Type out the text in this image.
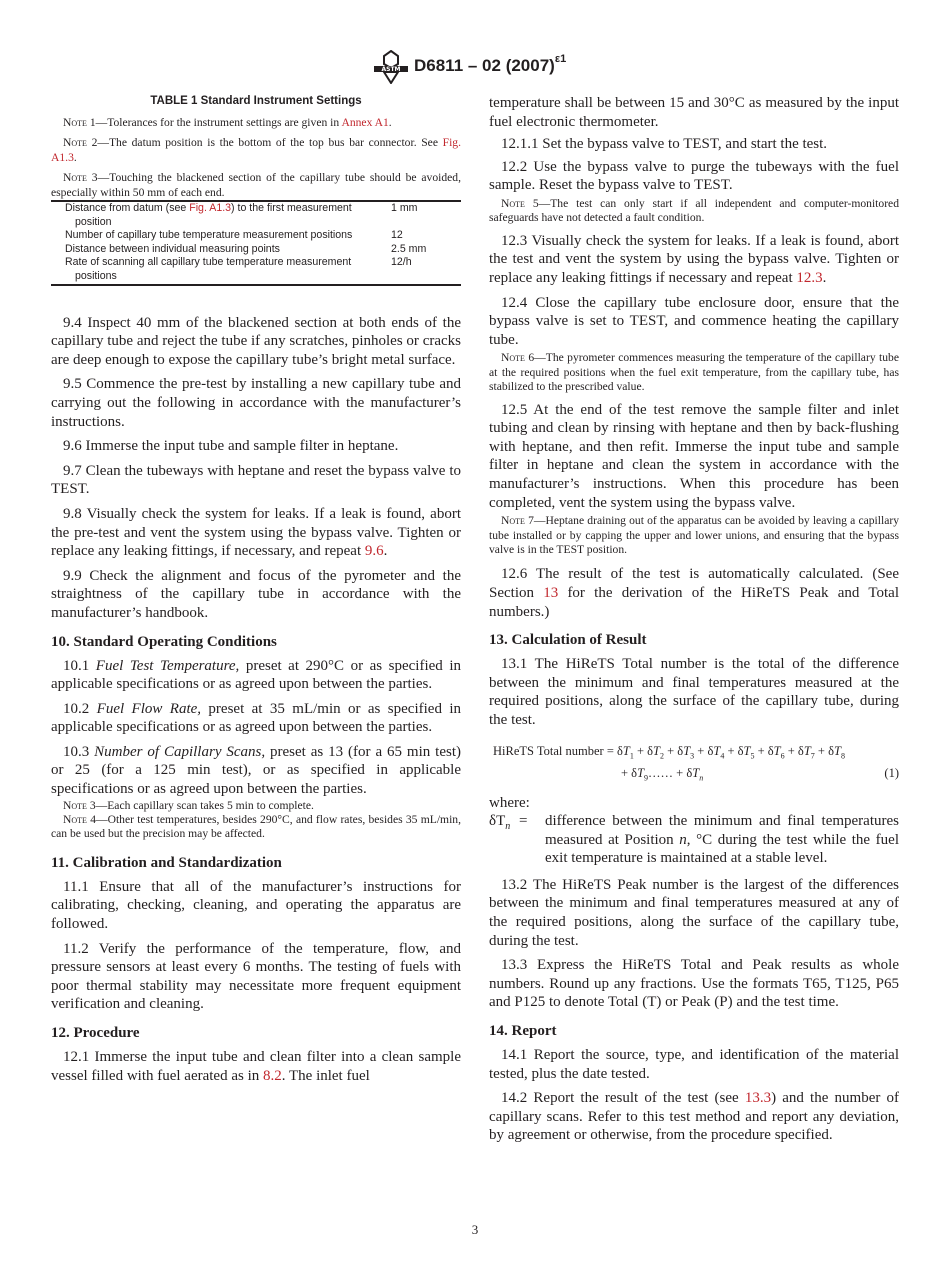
ASTM D6811 – 02 $(2007)^{\varepsilon 1}$
TABLE 1 Standard Instrument Settings

Note 1—Tolerances for the instrument settings are given in Annex A1.

Note 2—The datum position is the bottom of the top bus bar connector. See Fig. A1.3.

Note 3—Touching the blackened section of the capillary tube should be avoided, especially within 50 mm of each end.

Distance from datum (see Fig. A1.3) to the first measurement position	1 mm

Number of capillary tube temperature measurement positions	12

Distance between individual measuring points	2.5 mm

Rate of scanning all capillary tube temperature measurement positions	12/h

9.4 Inspect 40 mm of the blackened section at both ends of the capillary tube and reject the tube if any scratches, pinholes or cracks are deep enough to expose the capillary tube’s bright metal surface.

9.5 Commence the pre-test by installing a new capillary tube and carrying out the following in accordance with the manufacturer’s instructions.

9.6 Immerse the input tube and sample filter in heptane.

9.7 Clean the tubeways with heptane and reset the bypass valve to TEST.

9.8 Visually check the system for leaks. If a leak is found, abort the pre-test and vent the system using the bypass valve. Tighten or replace any leaking fittings, if necessary, and repeat 9.6.

9.9 Check the alignment and focus of the pyrometer and the straightness of the capillary tube in accordance with the manufacturer’s handbook.

10. Standard Operating Conditions

10.1 Fuel Test Temperature, preset at 290°C or as specified in applicable specifications or as agreed upon between the parties.

10.2 Fuel Flow Rate, preset at 35 mL/min or as specified in applicable specifications or as agreed upon between the parties.

10.3 Number of Capillary Scans, preset as 13 (for a 65 min test) or 25 (for a 125 min test), or as specified in applicable specifications or as agreed upon between the parties.

Note 3—Each capillary scan takes 5 min to complete.

Note 4—Other test temperatures, besides 290°C, and flow rates, besides 35 mL/min, can be used but the precision may be affected.

11. Calibration and Standardization

11.1 Ensure that all of the manufacturer’s instructions for calibrating, checking, cleaning, and operating the apparatus are followed.

11.2 Verify the performance of the temperature, flow, and pressure sensors at least every 6 months. The testing of fuels with poor thermal stability may necessitate more frequent equipment verification and cleaning.

12. Procedure

12.1 Immerse the input tube and clean filter into a clean sample vessel filled with fuel aerated as in 8.2. The inlet fuel

temperature shall be between 15 and 30°C as measured by the input fuel electronic thermometer.

12.1.1 Set the bypass valve to TEST, and start the test.

12.2 Use the bypass valve to purge the tubeways with the fuel sample. Reset the bypass valve to TEST.

Note 5—The test can only start if all independent and computer-monitored safeguards have not detected a fault condition.

12.3 Visually check the system for leaks. If a leak is found, abort the test and vent the system by using the bypass valve. Tighten or replace any leaking fittings if necessary and repeat 12.3.

12.4 Close the capillary tube enclosure door, ensure that the bypass valve is set to TEST, and commence heating the capillary tube.

Note 6—The pyrometer commences measuring the temperature of the capillary tube at the required positions when the fuel exit temperature, from the capillary tube, has stabilized to the prescribed value.

12.5 At the end of the test remove the sample filter and inlet tubing and clean by rinsing with heptane and then by back-flushing with heptane, and then refit. Immerse the input tube and sample filter in heptane and clean the system in accordance with the manufacturer’s instructions. When this procedure has been completed, vent the system using the bypass valve.

Note 7—Heptane draining out of the apparatus can be avoided by leaving a capillary tube installed or by capping the upper and lower unions, and ensuring that the bypass valve is in the TEST position.

12.6 The result of the test is automatically calculated. (See Section 13 for the derivation of the HiReTS Peak and Total numbers.)

13. Calculation of Result

13.1 The HiReTS Total number is the total of the difference between the minimum and final temperatures measured at the required positions, along the surface of the capillary tube, during the test.

HiReTS Total number = $\delta T_1 + \delta T_2 + \delta T_3 + \delta T_4 + \delta T_5 + \delta T_6 + \delta T_7 + \delta T_8$
+ $\delta T_9\dots\dots + \delta T_n$	(1)

where:

$\delta T_n$ =	difference between the minimum and final temperatures measured at Position n, °C during the test while the fuel exit temperature is maintained at a stable level.

13.2 The HiReTS Peak number is the largest of the differences between the minimum and final temperatures measured at any of the required positions, along the surface of the capillary tube, during the test.

13.3 Express the HiReTS Total and Peak results as whole numbers. Round up any fractions. Use the formats T65, T125, P65 and P125 to denote Total (T) or Peak (P) and the test time.

14. Report

14.1 Report the source, type, and identification of the material tested, plus the date tested.

14.2 Report the result of the test (see 13.3) and the number of capillary scans. Refer to this test method and report any deviation, by agreement or otherwise, from the procedure specified.

3
